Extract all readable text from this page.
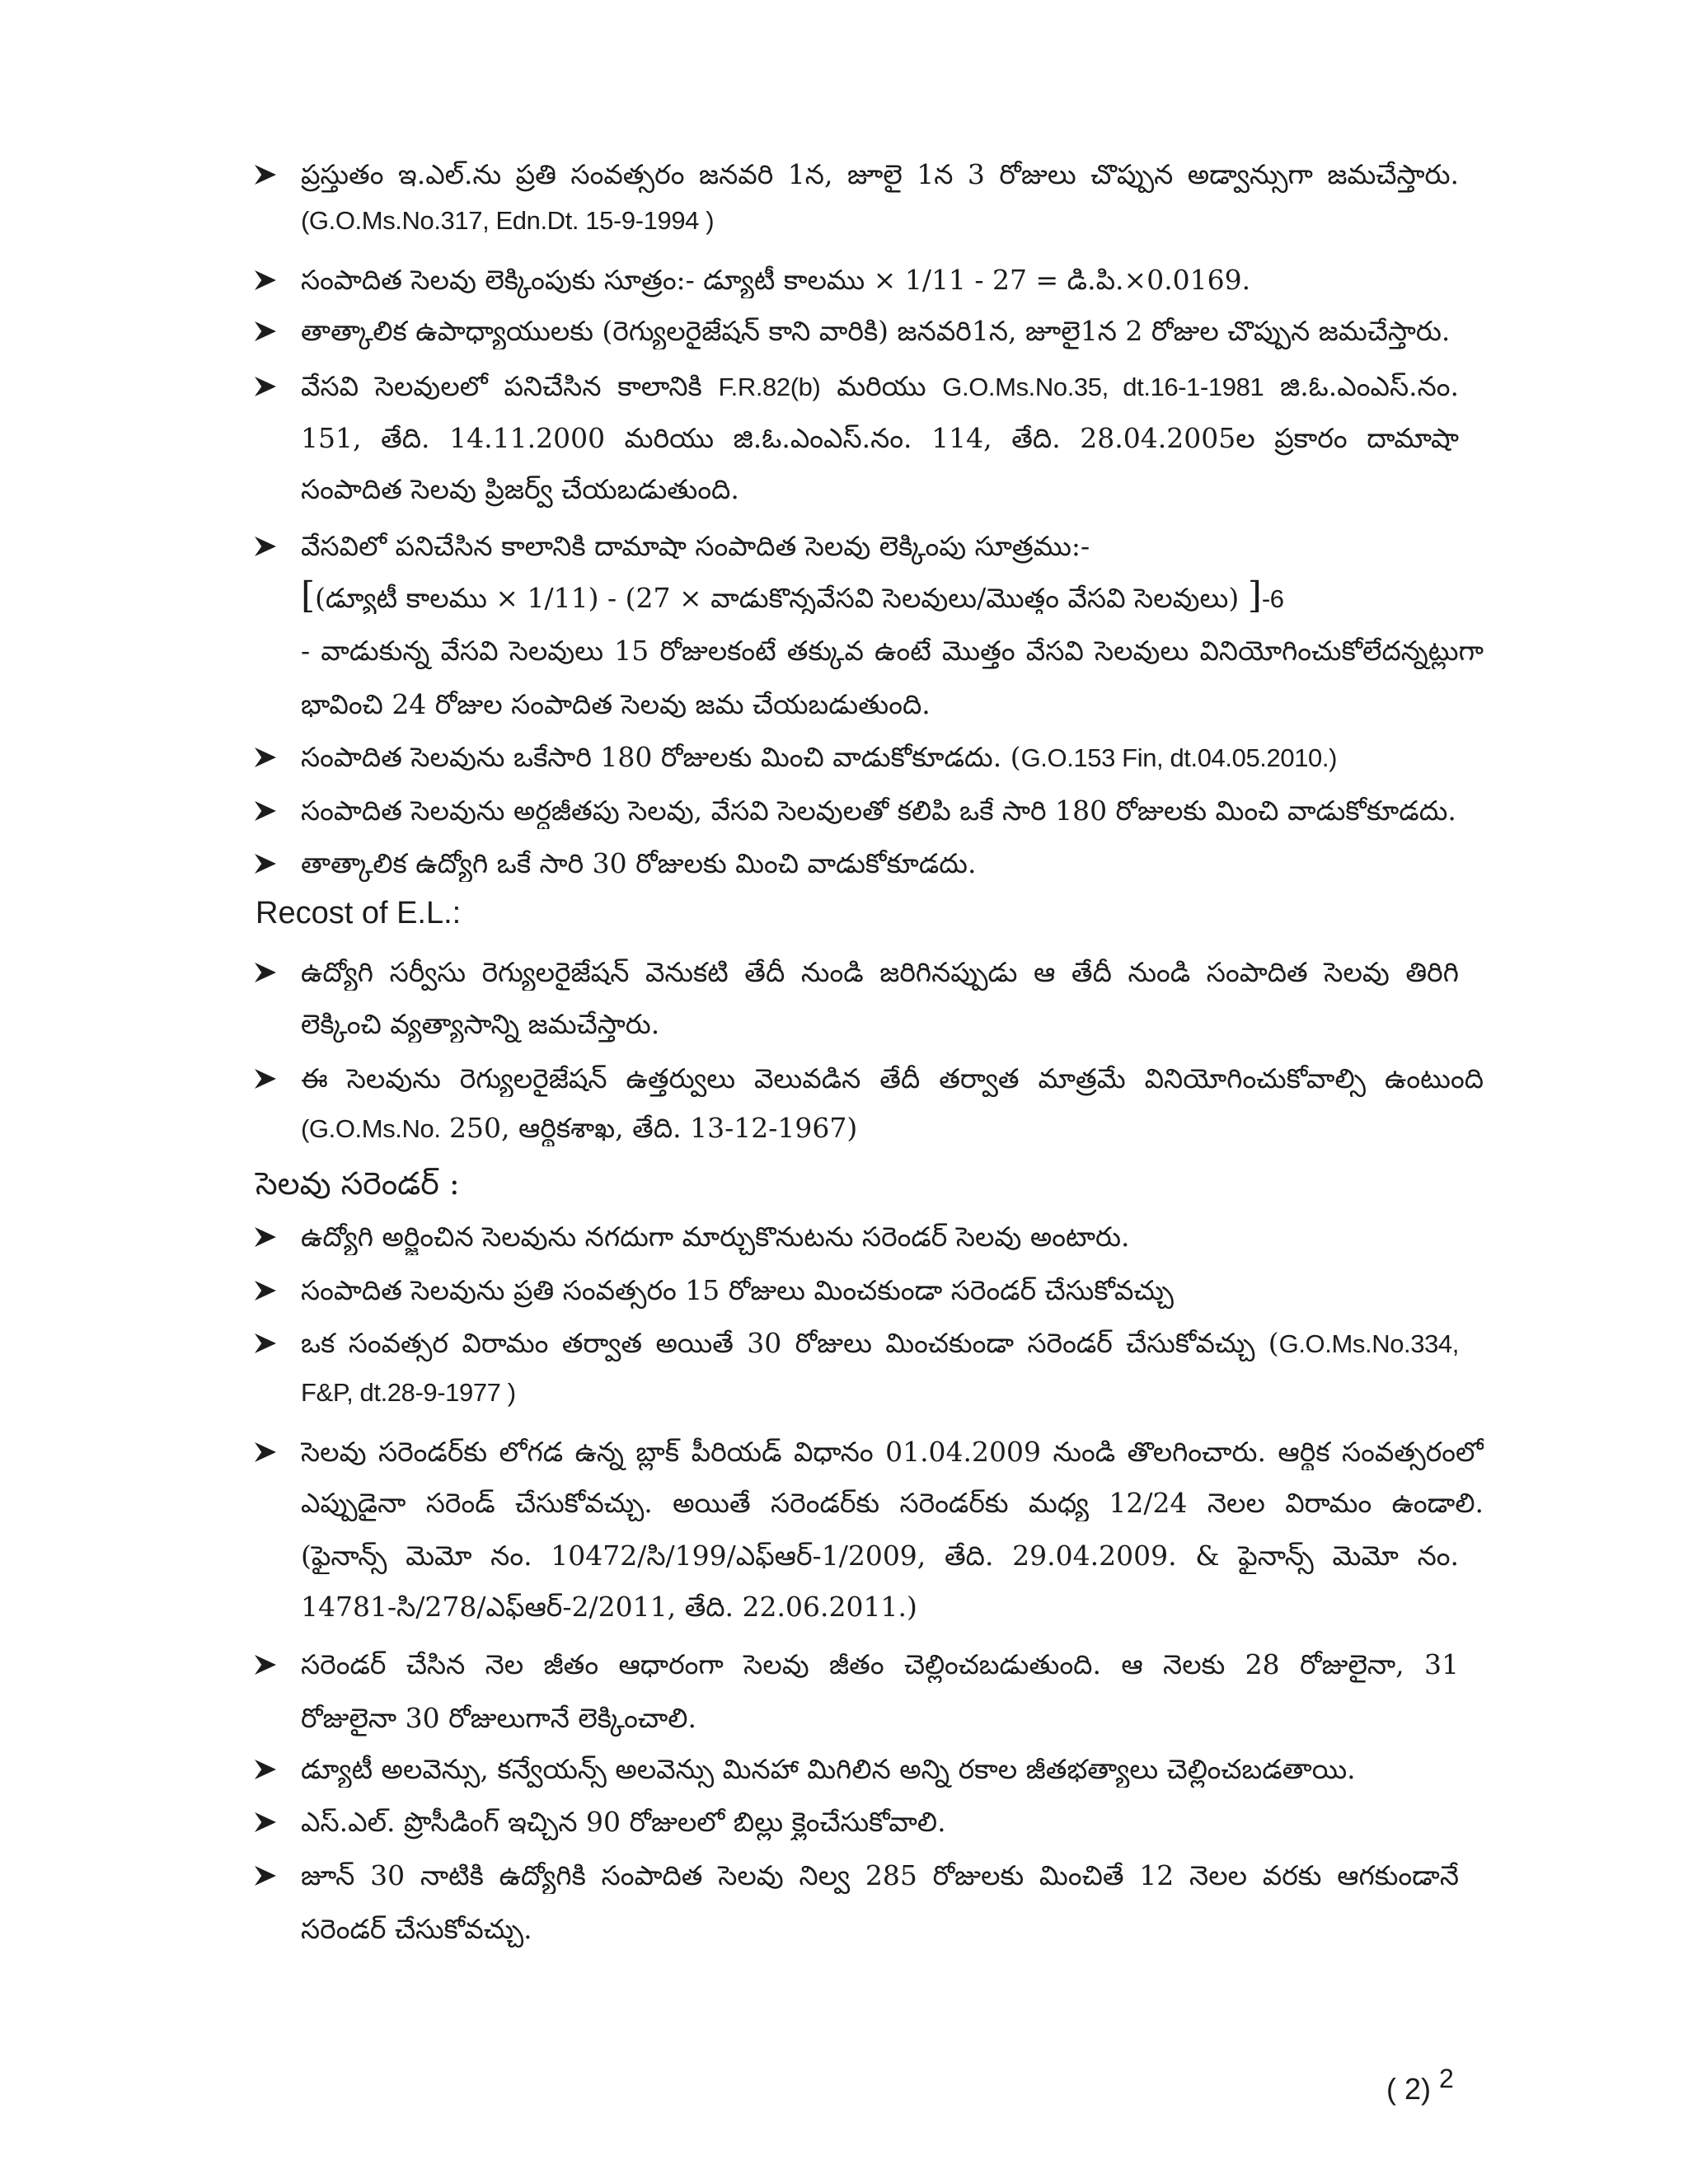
ప్రస్తుతం ఇ.ఎల్.ను ప్రతి సంవత్సరం జనవరి 1న, జూలై 1న 3 రోజులు చొప్పున అడ్వాన్సుగా జమచేస్తారు.
(G.O.Ms.No.317, Edn.Dt. 15-9-1994 )
సంపాదిత సెలవు లెక్కింపుకు సూత్రం:- డ్యూటీ కాలము × 1/11 - 27 = డి.పి.×0.0169.
తాత్కాలిక ఉపాధ్యాయులకు (రెగ్యులరైజేషన్ కాని వారికి) జనవరి1న, జూలై1న 2 రోజుల చొప్పున జమచేస్తారు.
వేసవి సెలవులలో పనిచేసిన కాలానికి F.R.82(b) మరియు G.O.Ms.No.35, dt.16-1-1981 జి.ఓ.ఎంఎస్.నం.
151, తేది. 14.11.2000 మరియు జి.ఓ.ఎంఎస్.నం. 114, తేది. 28.04.2005ల ప్రకారం దామాషా
సంపాదిత సెలవు ప్రిజర్వ్ చేయబడుతుంది.
వేసవిలో పనిచేసిన కాలానికి దామాషా సంపాదిత సెలవు లెక్కింపు సూత్రము:-
[(డ్యూటీ కాలము × 1/11) - (27 × వాడుకొన్నవేసవి సెలవులు/మొత్తం వేసవి సెలవులు) ]-6
- వాడుకున్న వేసవి సెలవులు 15 రోజులకంటే తక్కువ ఉంటే మొత్తం వేసవి సెలవులు వినియోగించుకోలేదన్నట్లుగా
భావించి 24 రోజుల సంపాదిత సెలవు జమ చేయబడుతుంది.
సంపాదిత సెలవును ఒకేసారి 180 రోజులకు మించి వాడుకోకూడదు. (G.O.153 Fin, dt.04.05.2010.)
సంపాదిత సెలవును అర్ధజీతపు సెలవు, వేసవి సెలవులతో కలిపి ఒకే సారి 180 రోజులకు మించి వాడుకోకూడదు.
తాత్కాలిక ఉద్యోగి ఒకే సారి 30 రోజులకు మించి వాడుకోకూడదు.
Recost of E.L.:
ఉద్యోగి సర్వీసు రెగ్యులరైజేషన్ వెనుకటి తేదీ నుండి జరిగినప్పుడు ఆ తేదీ నుండి సంపాదిత సెలవు తిరిగి
లెక్కించి వ్యత్యాసాన్ని జమచేస్తారు.
ఈ సెలవును రెగ్యులరైజేషన్ ఉత్తర్వులు వెలువడిన తేదీ తర్వాత మాత్రమే వినియోగించుకోవాల్సి ఉంటుంది
(G.O.Ms.No. 250, ఆర్థికశాఖ, తేది. 13-12-1967)
సెలవు సరెండర్ :
ఉద్యోగి అర్జించిన సెలవును నగదుగా మార్చుకొనుటను సరెండర్ సెలవు అంటారు.
సంపాదిత సెలవును ప్రతి సంవత్సరం 15 రోజులు మించకుండా సరెండర్ చేసుకోవచ్చు
ఒక సంవత్సర విరామం తర్వాత అయితే 30 రోజులు మించకుండా సరెండర్ చేసుకోవచ్చు (G.O.Ms.No.334,
F&P, dt.28-9-1977 )
సెలవు సరెండర్‌కు లోగడ ఉన్న బ్లాక్ పీరియడ్ విధానం 01.04.2009 నుండి తొలగించారు. ఆర్థిక సంవత్సరంలో
ఎప్పుడైనా సరెండ్ చేసుకోవచ్చు. అయితే సరెండర్‌కు సరెండర్‌కు మధ్య 12/24 నెలల విరామం ఉండాలి.
(ఫైనాన్స్ మెమో నం. 10472/సి/199/ఎఫ్ఆర్-1/2009, తేది. 29.04.2009. & ఫైనాన్స్ మెమో నం.
14781-సి/278/ఎఫ్ఆర్-2/2011, తేది. 22.06.2011.)
సరెండర్ చేసిన నెల జీతం ఆధారంగా సెలవు జీతం చెల్లించబడుతుంది. ఆ నెలకు 28 రోజులైనా, 31
రోజులైనా 30 రోజులుగానే లెక్కించాలి.
డ్యూటీ అలవెన్సు, కన్వేయన్స్ అలవెన్సు మినహా మిగిలిన అన్ని రకాల జీతభత్యాలు చెల్లించబడతాయి.
ఎస్.ఎల్. ప్రొసీడింగ్ ఇచ్చిన 90 రోజులలో బిల్లు క్లైంచేసుకోవాలి.
జూన్ 30 నాటికి ఉద్యోగికి సంపాదిత సెలవు నిల్వ 285 రోజులకు మించితే 12 నెలల వరకు ఆగకుండానే
సరెండర్ చేసుకోవచ్చు.
( 2) 2
